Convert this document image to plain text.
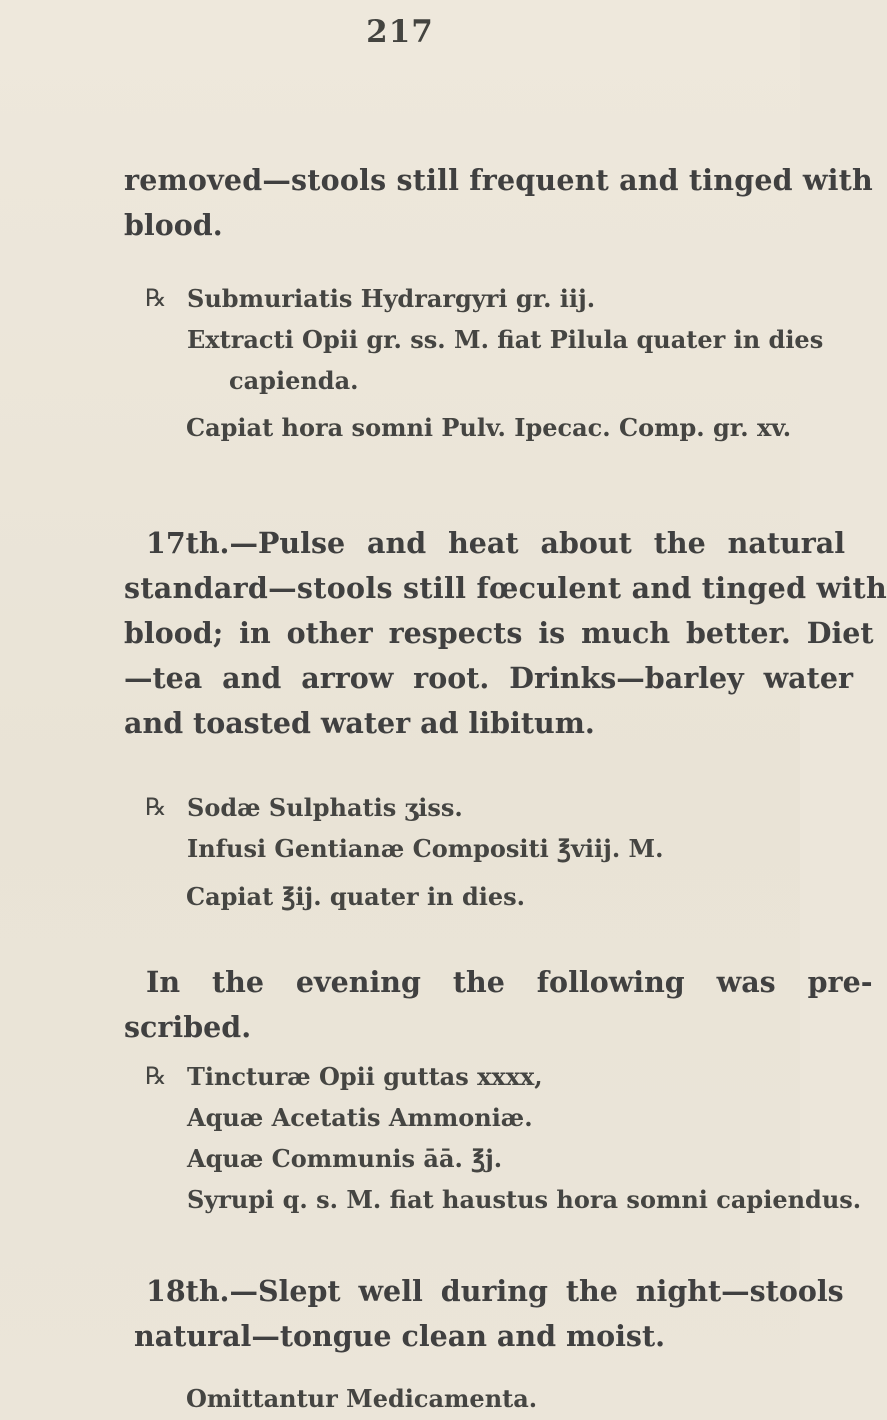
217
removed—stools still frequent and tinged with
blood.
℞ Submuriatis Hydrargyri gr. iij.
Extracti Opii gr. ss. M. fiat Pilula quater in dies
capienda.
Capiat hora somni Pulv. Ipecac. Comp. gr. xv.
17th.—Pulse and heat about the natural
standard—stools still fœculent and tinged with
blood; in other respects is much better. Diet
—tea and arrow root. Drinks—barley water
and toasted water ad libitum.
℞ Sodæ Sulphatis ʒiss.
Infusi Gentianæ Compositi ℥viij. M.
Capiat ℥ij. quater in dies.
In the evening the following was pre-
scribed.
℞ Tincturæ Opii guttas xxxx,
Aquæ Acetatis Ammoniæ.
Aquæ Communis āā. ℥j.
Syrupi q. s. M. fiat haustus hora somni capiendus.
18th.—Slept well during the night—stools
natural—tongue clean and moist.
Omittantur Medicamenta.
